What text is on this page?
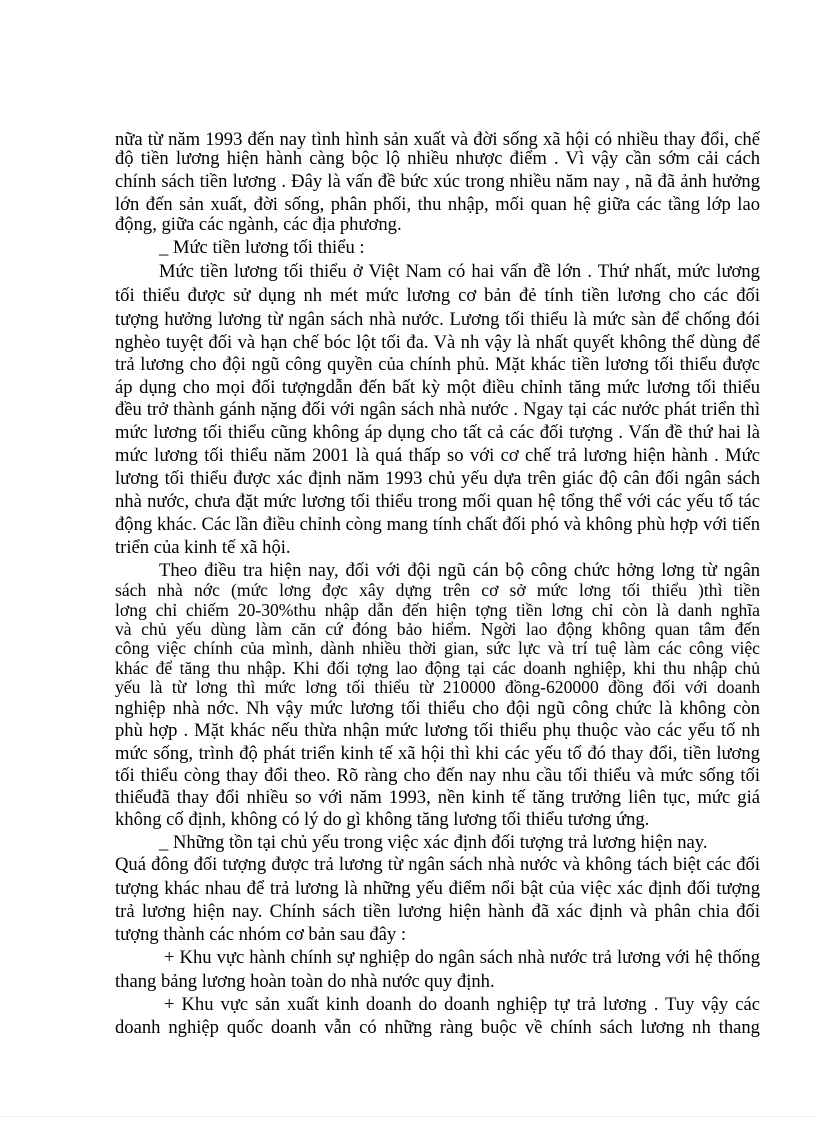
nữa từ năm 1993 đến nay tình hình sản xuất và đời sống xã hội có nhiều thay đổi, chế
độ tiền lương hiện hành càng bộc lộ nhiều nhược điểm . Vì vậy cần sớm cải cách
chính sách tiền lương . Đây là vấn đề bức xúc trong nhiều năm nay , nã đã ảnh hưởng
lớn đến sản xuất, đời sống, phân phối, thu nhập, mối quan hệ giữa các tầng lớp lao
động, giữa các ngành, các địa phương.
_ Mức tiền lương tối thiểu :
Mức tiền lương tối thiểu ở Việt Nam có hai vấn đề lớn . Thứ nhất, mức lương
tối thiểu được sử dụng nh mét mức lương cơ bản đẻ tính tiền lương cho các đối
tượng hưởng lương từ ngân sách nhà nước. Lương tối thiểu là mức sàn để chống đói
nghèo tuyệt đối và hạn chế bóc lột tối đa. Và nh vậy là nhất quyết không thể dùng để
trả lương cho đội ngũ công quyền của chính phủ. Mặt khác tiền lương tối thiểu được
áp dụng cho mọi đối tượngdẫn đến bất kỳ một điều chỉnh tăng mức lương tối thiểu
đều trở thành gánh nặng đối với ngân sách nhà nước . Ngay tại các nước phát triển thì
mức lương tối thiểu cũng không áp dụng cho tất cả các đối tượng . Vấn đề thứ hai là
mức lương tối thiểu năm 2001 là quá thấp so với cơ chế trả lương hiện hành . Mức
lương tối thiểu được xác định năm 1993 chủ yếu dựa trên giác độ cân đối ngân sách
nhà nước, chưa đặt mức lương tối thiểu trong mối quan hệ tổng thể với các yếu tố tác
động khác. Các lần điều chỉnh còng mang tính chất đối phó và không phù hợp với tiến
triển của kinh tế xã hội.
Theo điều tra hiện nay, đối với đội ngũ cán bộ công chức hởng lơng từ ngân
sách nhà nớc (mức lơng đợc xây dựng trên cơ sở mức lơng tối thiểu )thì tiền
lơng chỉ chiếm 20-30%thu nhập dẫn đến hiện tợng tiền lơng chỉ còn là danh nghĩa
và chủ yếu dùng làm căn cứ đóng bảo hiểm. Ngời lao động không quan tâm đến
công việc chính của mình, dành nhiều thời gian, sức lực và trí tuệ làm các công việc
khác để tăng thu nhập. Khi đối tợng lao động tại các doanh nghiệp, khi thu nhập chủ
yếu là từ lơng thì mức lơng tối thiểu từ 210000 đồng-620000 đồng đối với doanh
nghiệp nhà nớc. Nh vậy mức lương tối thiểu cho đội ngũ công chức là không còn
phù hợp . Mặt khác nếu thừa nhận mức lương tối thiểu phụ thuộc vào các yếu tố nh
mức sống, trình độ phát triển kinh tế xã hội thì khi các yếu tố đó thay đổi, tiền lương
tối thiểu còng thay đổi theo. Rõ ràng cho đến nay nhu cầu tối thiểu và mức sống tối
thiểuđã thay đổi nhiều so với năm 1993, nền kinh tế tăng trưởng liên tục, mức giá
không cố định, không có lý do gì không tăng lương tối thiểu tương ứng.
_ Những tồn tại chủ yếu trong việc xác định đối tượng trả lương hiện nay.
Quá đông đối tượng được trả lương từ ngân sách nhà nước và không tách biệt các đối
tượng khác nhau để trả lương là những yếu điểm nổi bật của việc xác định đối tượng
trả lương hiện nay. Chính sách tiền lương hiện hành đã xác định và phân chia đối
tượng thành các nhóm cơ bản sau đây :
+ Khu vực hành chính sự nghiệp do ngân sách nhà nước trả lương với hệ thống
thang bảng lương hoàn toàn do nhà nước quy định.
+ Khu vực sản xuất kinh doanh do doanh nghiệp tự trả lương . Tuy vậy các
doanh nghiệp quốc doanh vẫn có những ràng buộc về chính sách lương nh thang
